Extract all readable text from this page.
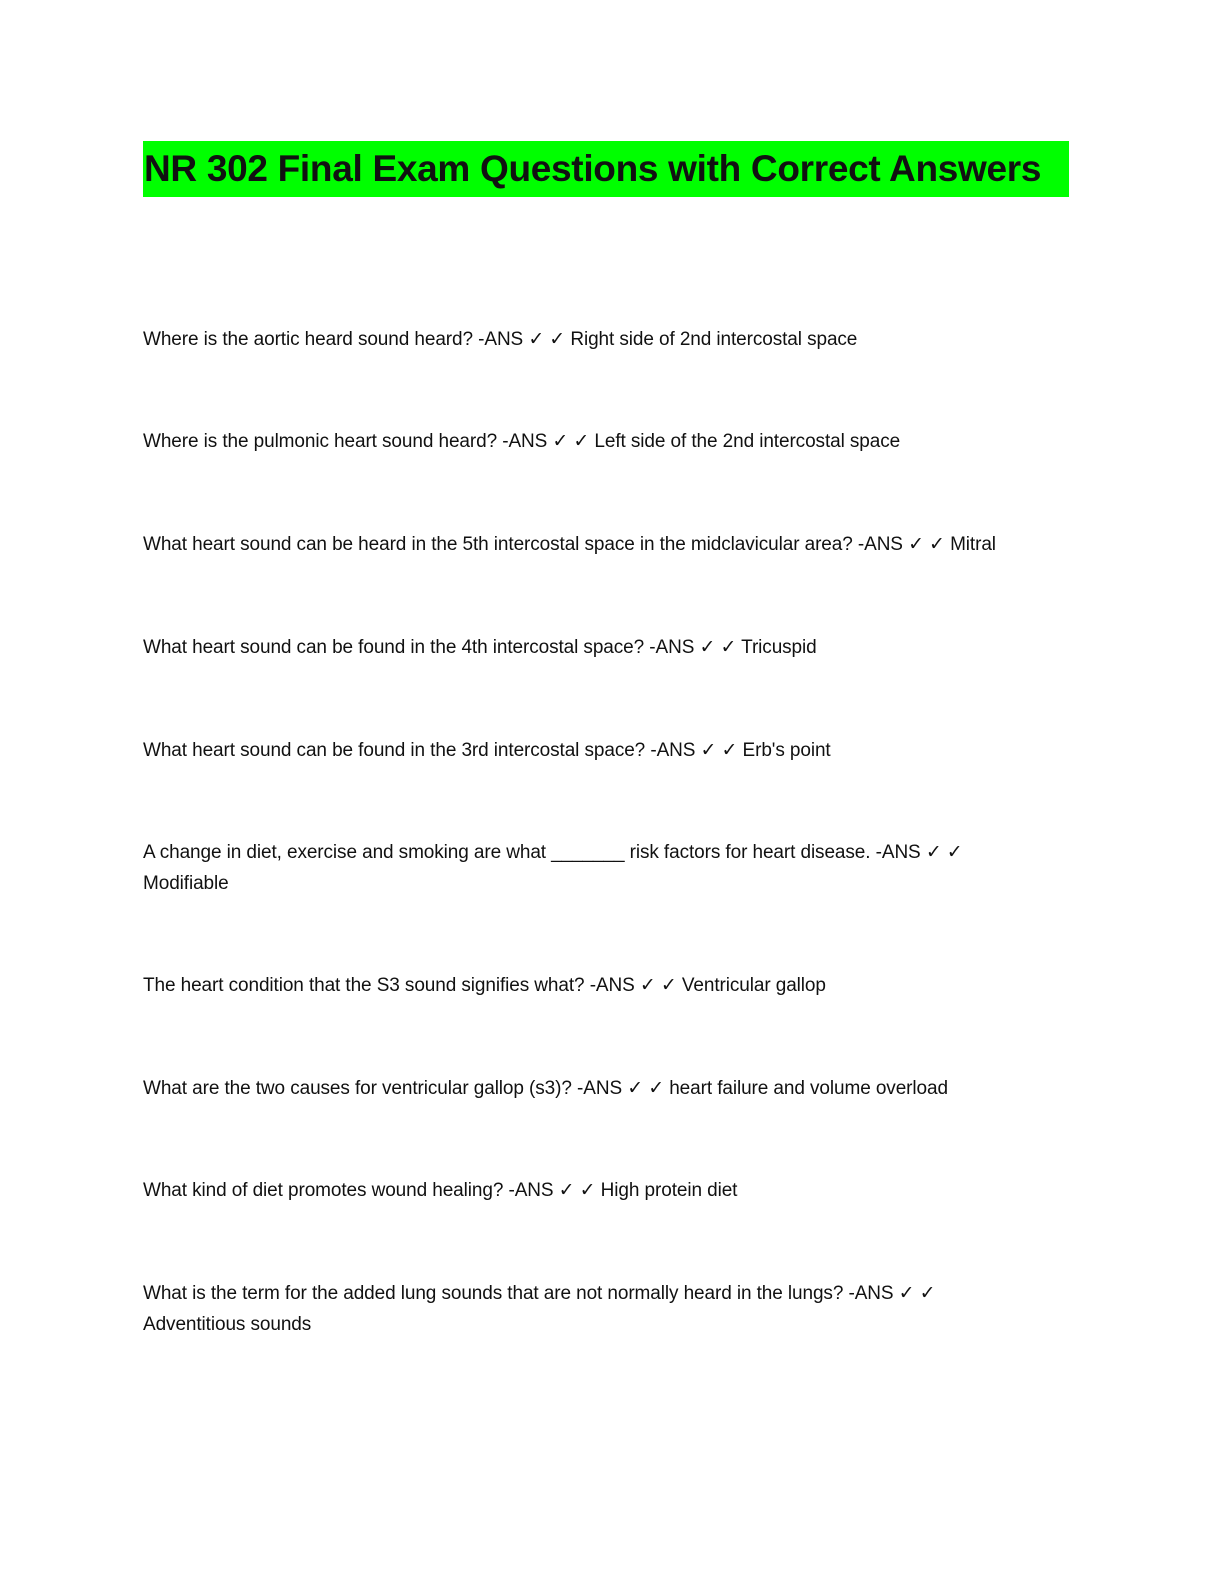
NR 302 Final Exam Questions with Correct Answers
Where is the aortic heard sound heard? -ANS ✓ ✓ Right side of 2nd intercostal space
Where is the pulmonic heart sound heard? -ANS ✓ ✓ Left side of the 2nd intercostal space
What heart sound can be heard in the 5th intercostal space in the midclavicular area? -ANS ✓ ✓ Mitral
What heart sound can be found in the 4th intercostal space? -ANS ✓ ✓ Tricuspid
What heart sound can be found in the 3rd intercostal space? -ANS ✓ ✓ Erb's point
A change in diet, exercise and smoking are what _______ risk factors for heart disease. -ANS ✓ ✓ Modifiable
The heart condition that the S3 sound signifies what? -ANS ✓ ✓ Ventricular gallop
What are the two causes for ventricular gallop (s3)? -ANS ✓ ✓ heart failure and volume overload
What kind of diet promotes wound healing? -ANS ✓ ✓ High protein diet
What is the term for the added lung sounds that are not normally heard in the lungs? -ANS ✓ ✓ Adventitious sounds
